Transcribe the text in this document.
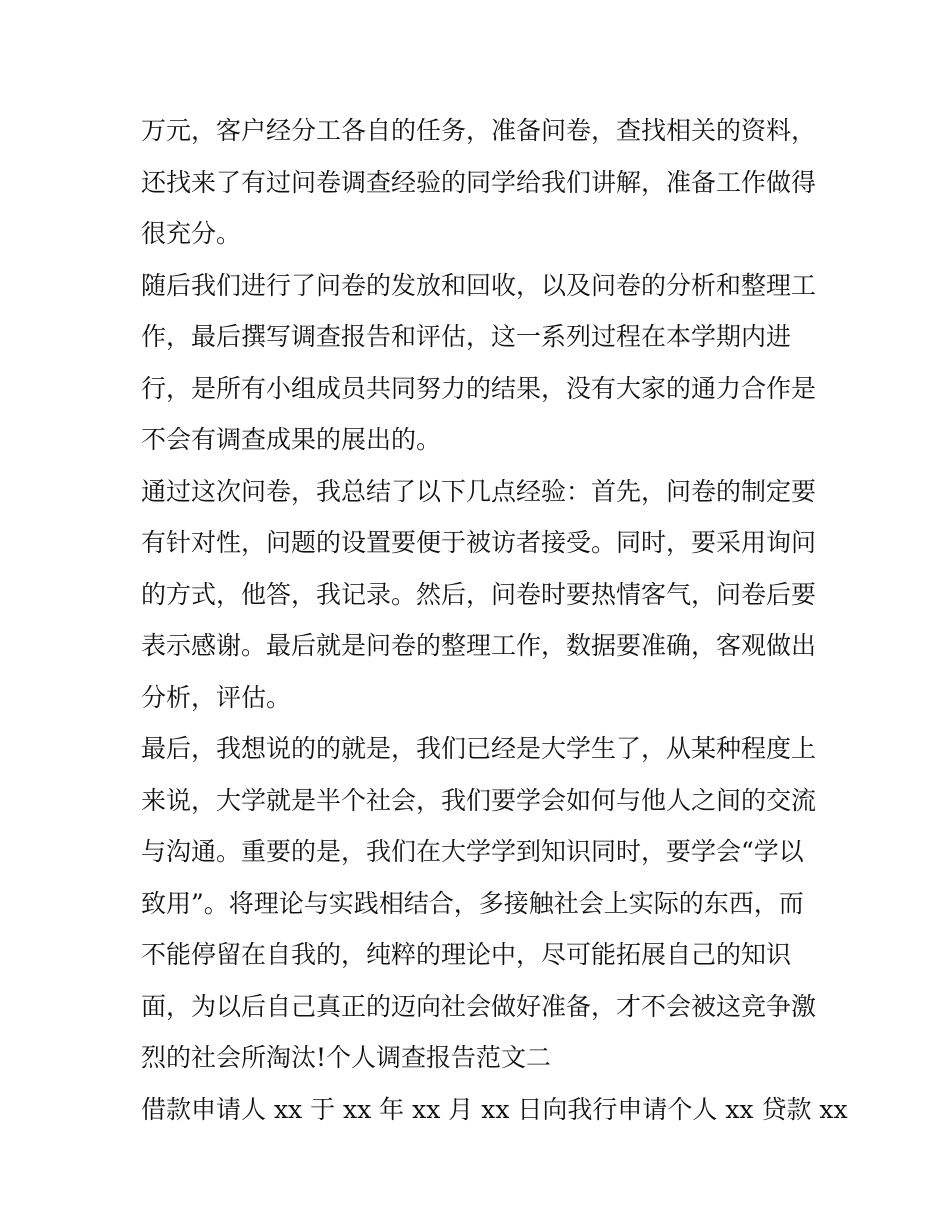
万元，客户经分工各自的任务，准备问卷，查找相关的资料，
还找来了有过问卷调查经验的同学给我们讲解，准备工作做得
很充分。
随后我们进行了问卷的发放和回收，以及问卷的分析和整理工
作，最后撰写调查报告和评估，这一系列过程在本学期内进
行，是所有小组成员共同努力的结果，没有大家的通力合作是
不会有调查成果的展出的。
通过这次问卷，我总结了以下几点经验：首先，问卷的制定要
有针对性，问题的设置要便于被访者接受。同时，要采用询问
的方式，他答，我记录。然后，问卷时要热情客气，问卷后要
表示感谢。最后就是问卷的整理工作，数据要准确，客观做出
分析，评估。
最后，我想说的的就是，我们已经是大学生了，从某种程度上
来说，大学就是半个社会，我们要学会如何与他人之间的交流
与沟通。重要的是，我们在大学学到知识同时，要学会“学以
致用”。将理论与实践相结合，多接触社会上实际的东西，而
不能停留在自我的，纯粹的理论中，尽可能拓展自己的知识
面，为以后自己真正的迈向社会做好准备，才不会被这竞争激
烈的社会所淘汰!个人调查报告范文二
借款申请人 xx 于 xx 年 xx 月 xx 日向我行申请个人 xx 贷款 xx
